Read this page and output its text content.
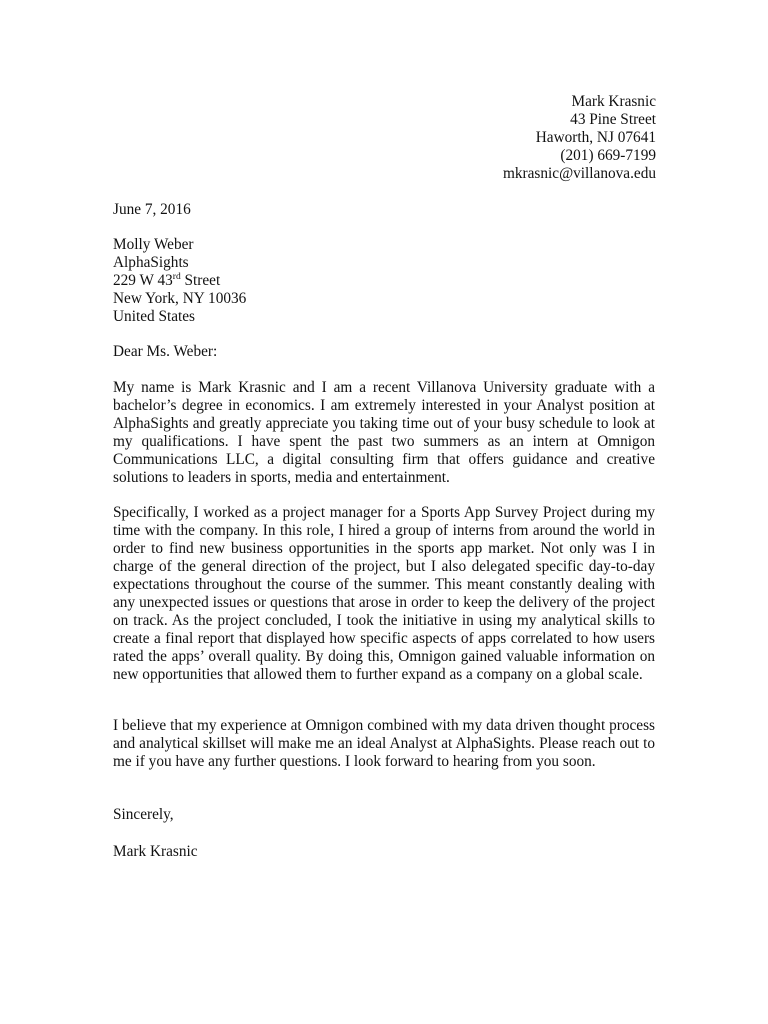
Mark Krasnic
43 Pine Street
Haworth, NJ 07641
(201) 669-7199
mkrasnic@villanova.edu
June 7, 2016
Molly Weber
AlphaSights
229 W 43rd Street
New York, NY 10036
United States
Dear Ms. Weber:

My name is Mark Krasnic and I am a recent Villanova University graduate with a bachelor’s degree in economics. I am extremely interested in your Analyst position at AlphaSights and greatly appreciate you taking time out of your busy schedule to look at my qualifications. I have spent the past two summers as an intern at Omnigon Communications LLC, a digital consulting firm that offers guidance and creative solutions to leaders in sports, media and entertainment.

Specifically, I worked as a project manager for a Sports App Survey Project during my time with the company. In this role, I hired a group of interns from around the world in order to find new business opportunities in the sports app market. Not only was I in charge of the general direction of the project, but I also delegated specific day-to-day expectations throughout the course of the summer. This meant constantly dealing with any unexpected issues or questions that arose in order to keep the delivery of the project on track. As the project concluded, I took the initiative in using my analytical skills to create a final report that displayed how specific aspects of apps correlated to how users rated the apps’ overall quality. By doing this, Omnigon gained valuable information on new opportunities that allowed them to further expand as a company on a global scale.

I believe that my experience at Omnigon combined with my data driven thought process and analytical skillset will make me an ideal Analyst at AlphaSights. Please reach out to me if you have any further questions. I look forward to hearing from you soon.

Sincerely,
Mark Krasnic
